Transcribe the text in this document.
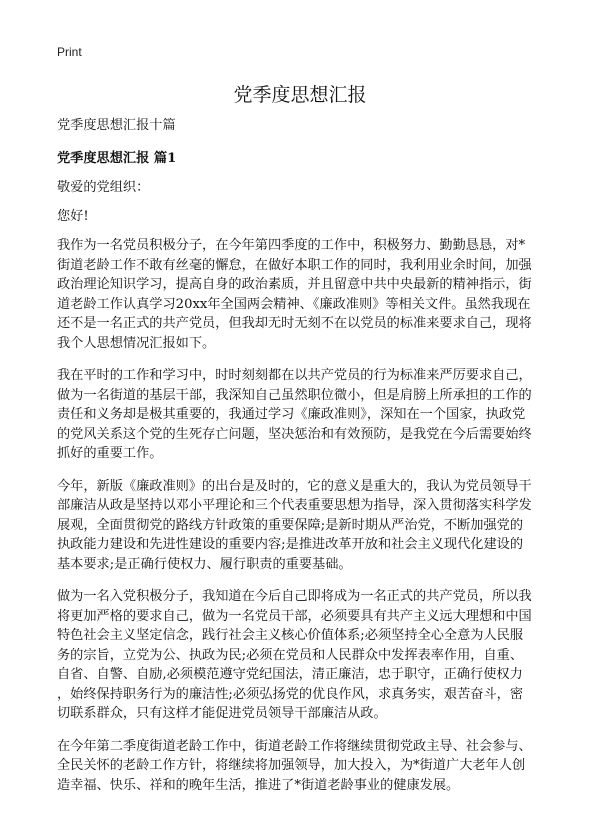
Print
党季度思想汇报

党季度思想汇报十篇

党季度思想汇报 篇1

敬爱的党组织：

您好!

我作为一名党员积极分子，在今年第四季度的工作中，积极努力、勤勤恳恳，对*
街道老龄工作不敢有丝毫的懈怠，在做好本职工作的同时，我利用业余时间，加强
政治理论知识学习，提高自身的政治素质，并且留意中共中央最新的精神指示，街
道老龄工作认真学习20xx年全国两会精神、《廉政准则》等相关文件。虽然我现在
还不是一名正式的共产党员，但我却无时无刻不在以党员的标准来要求自己，现将
我个人思想情况汇报如下。
我在平时的工作和学习中，时时刻刻都在以共产党员的行为标准来严厉要求自己，
做为一名街道的基层干部，我深知自己虽然职位微小，但是肩膀上所承担的工作的
责任和义务却是极其重要的，我通过学习《廉政准则》，深知在一个国家，执政党
的党风关系这个党的生死存亡问题，坚决惩治和有效预防，是我党在今后需要始终
抓好的重要工作。
今年，新版《廉政准则》的出台是及时的，它的意义是重大的，我认为党员领导干
部廉洁从政是坚持以邓小平理论和三个代表重要思想为指导，深入贯彻落实科学发
展观，全面贯彻党的路线方针政策的重要保障;是新时期从严治党，不断加强党的
执政能力建设和先进性建设的重要内容;是推进改革开放和社会主义现代化建设的
基本要求;是正确行使权力、履行职责的重要基础。
做为一名入党积极分子，我知道在今后自己即将成为一名正式的共产党员，所以我
将更加严格的要求自己，做为一名党员干部，必须要具有共产主义远大理想和中国
特色社会主义坚定信念，践行社会主义核心价值体系;必须坚持全心全意为人民服
务的宗旨，立党为公、执政为民;必须在党员和人民群众中发挥表率作用，自重、
自省、自警、自励,必须模范遵守党纪国法，清正廉洁，忠于职守，正确行使权力
，始终保持职务行为的廉洁性;必须弘扬党的优良作风，求真务实，艰苦奋斗，密
切联系群众，只有这样才能促进党员领导干部廉洁从政。
在今年第二季度街道老龄工作中，街道老龄工作将继续贯彻党政主导、社会参与、
全民关怀的老龄工作方针，将继续将加强领导，加大投入，为*街道广大老年人创
造幸福、快乐、祥和的晚年生活，推进了*街道老龄事业的健康发展。
